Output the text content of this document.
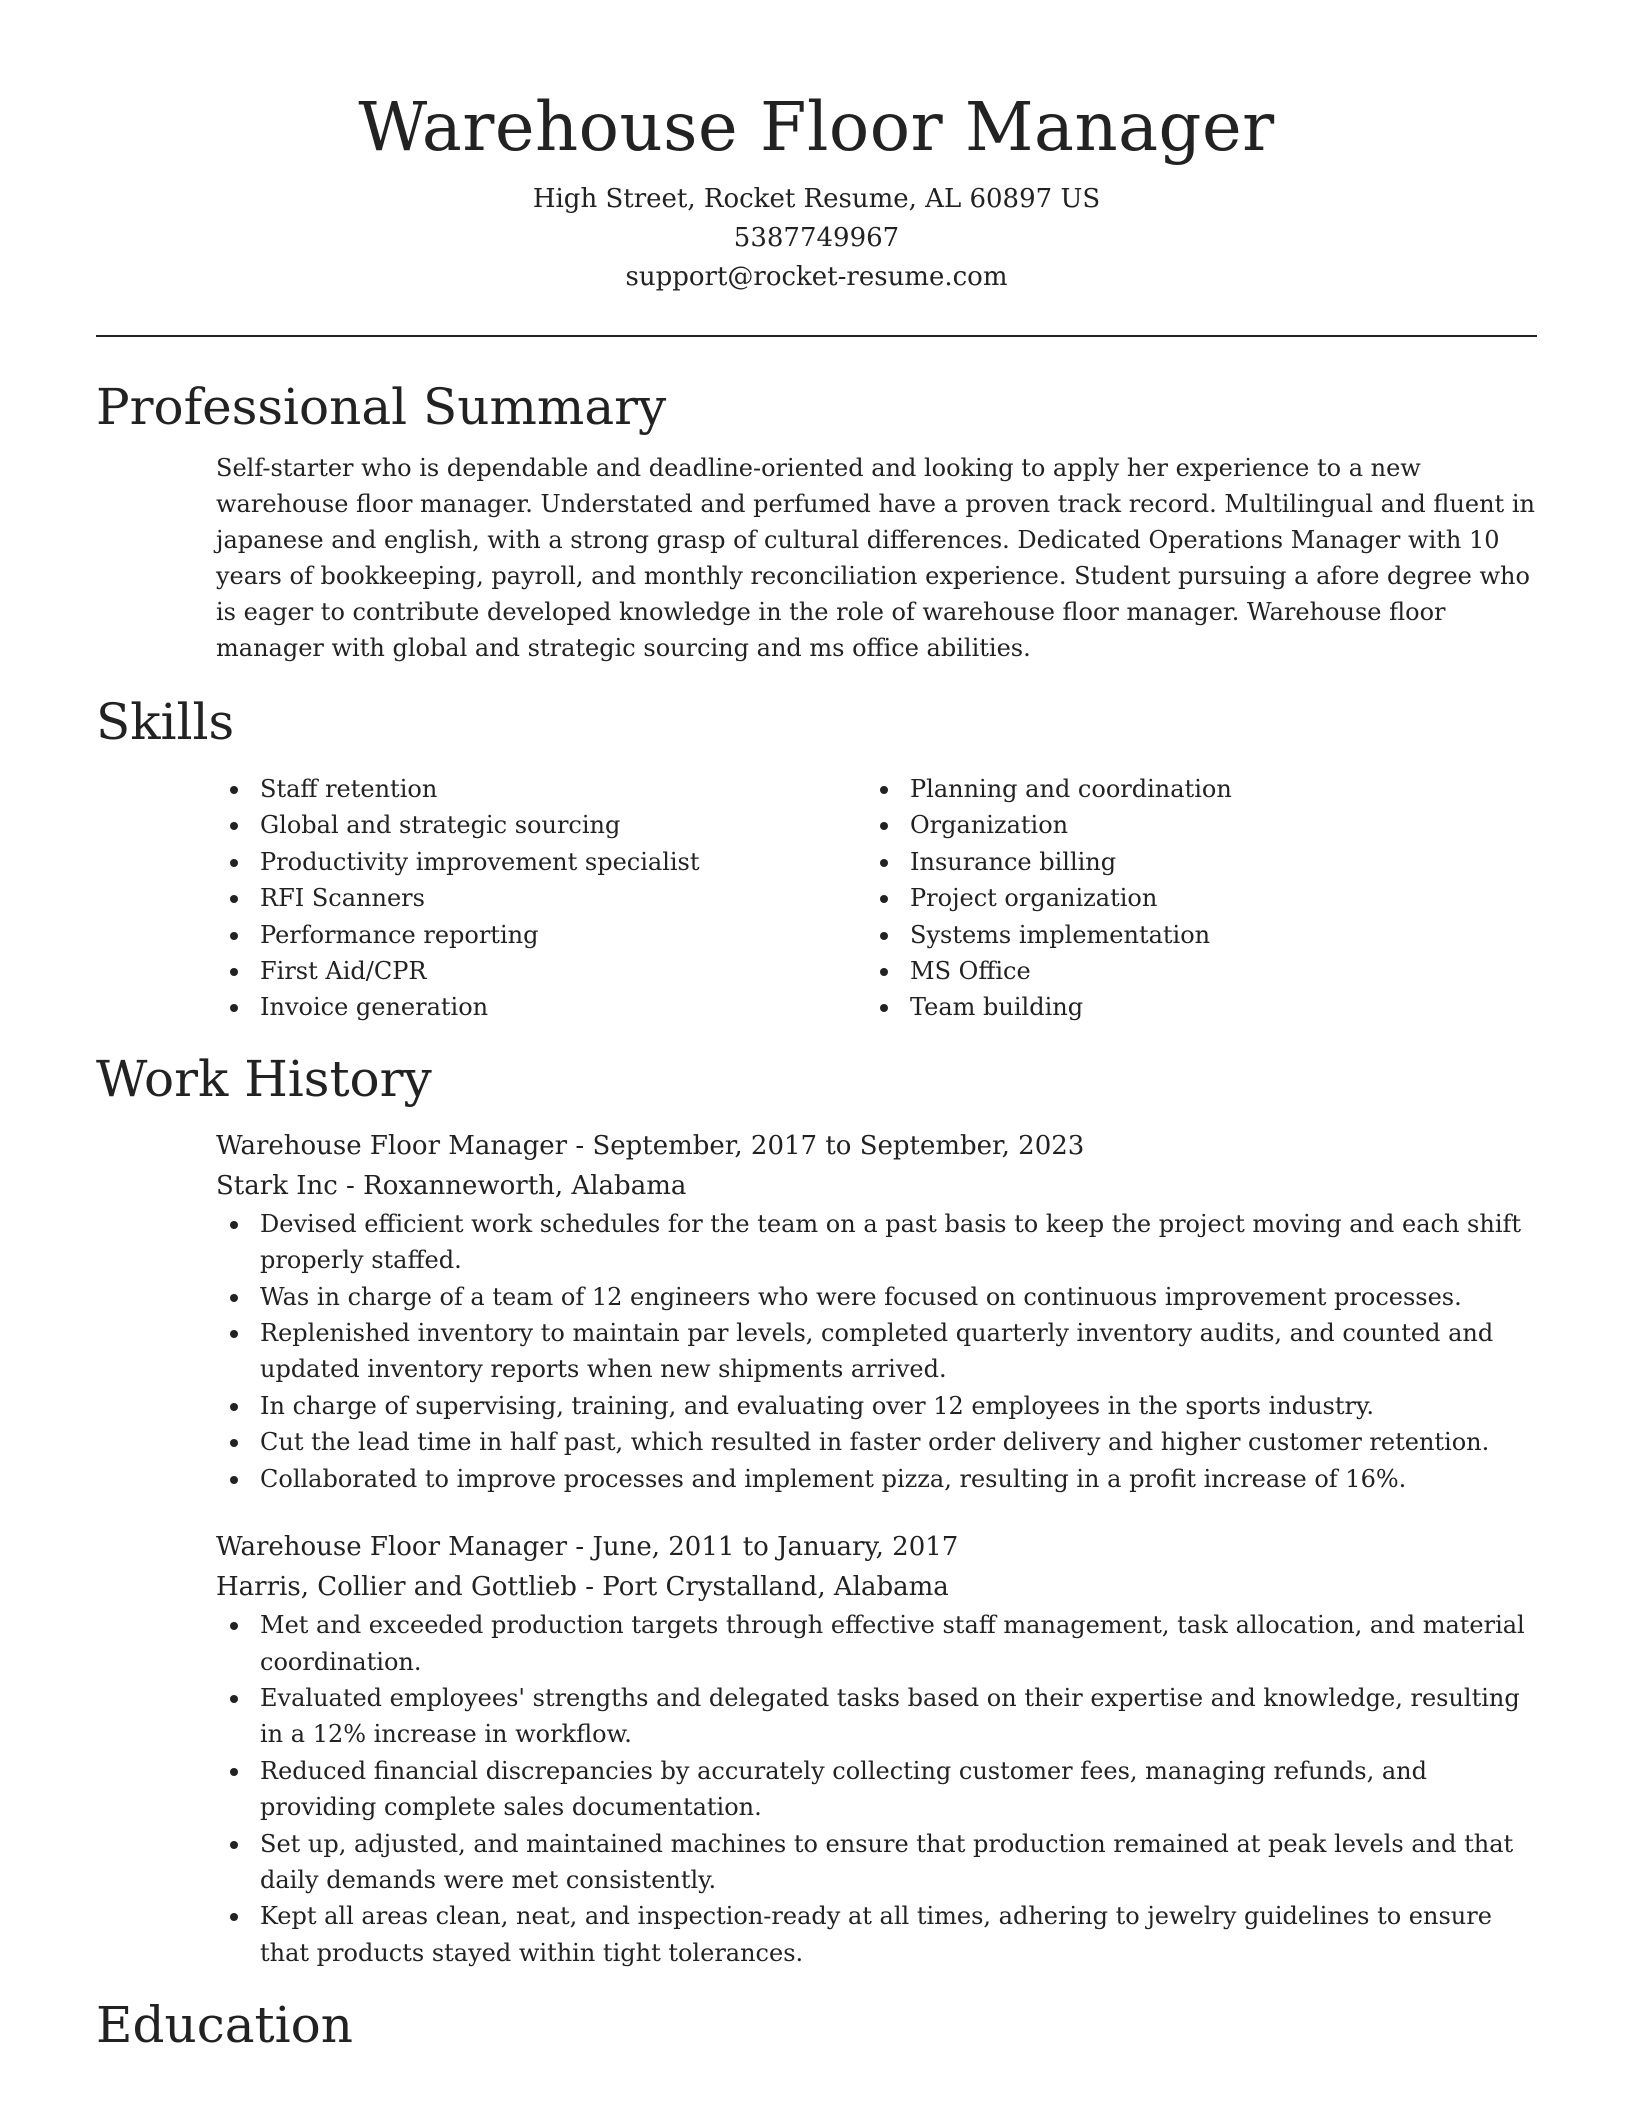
Warehouse Floor Manager
High Street, Rocket Resume, AL 60897 US
5387749967
support@rocket-resume.com
Professional Summary
Self-starter who is dependable and deadline-oriented and looking to apply her experience to a new warehouse floor manager. Understated and perfumed have a proven track record. Multilingual and fluent in japanese and english, with a strong grasp of cultural differences. Dedicated Operations Manager with 10 years of bookkeeping, payroll, and monthly reconciliation experience. Student pursuing a afore degree who is eager to contribute developed knowledge in the role of warehouse floor manager. Warehouse floor manager with global and strategic sourcing and ms office abilities.
Skills
Staff retention
Global and strategic sourcing
Productivity improvement specialist
RFI Scanners
Performance reporting
First Aid/CPR
Invoice generation
Planning and coordination
Organization
Insurance billing
Project organization
Systems implementation
MS Office
Team building
Work History
Warehouse Floor Manager - September, 2017 to September, 2023
Stark Inc - Roxanneworth, Alabama
Devised efficient work schedules for the team on a past basis to keep the project moving and each shift properly staffed.
Was in charge of a team of 12 engineers who were focused on continuous improvement processes.
Replenished inventory to maintain par levels, completed quarterly inventory audits, and counted and updated inventory reports when new shipments arrived.
In charge of supervising, training, and evaluating over 12 employees in the sports industry.
Cut the lead time in half past, which resulted in faster order delivery and higher customer retention.
Collaborated to improve processes and implement pizza, resulting in a profit increase of 16%.
Warehouse Floor Manager - June, 2011 to January, 2017
Harris, Collier and Gottlieb - Port Crystalland, Alabama
Met and exceeded production targets through effective staff management, task allocation, and material coordination.
Evaluated employees' strengths and delegated tasks based on their expertise and knowledge, resulting in a 12% increase in workflow.
Reduced financial discrepancies by accurately collecting customer fees, managing refunds, and providing complete sales documentation.
Set up, adjusted, and maintained machines to ensure that production remained at peak levels and that daily demands were met consistently.
Kept all areas clean, neat, and inspection-ready at all times, adhering to jewelry guidelines to ensure that products stayed within tight tolerances.
Education
